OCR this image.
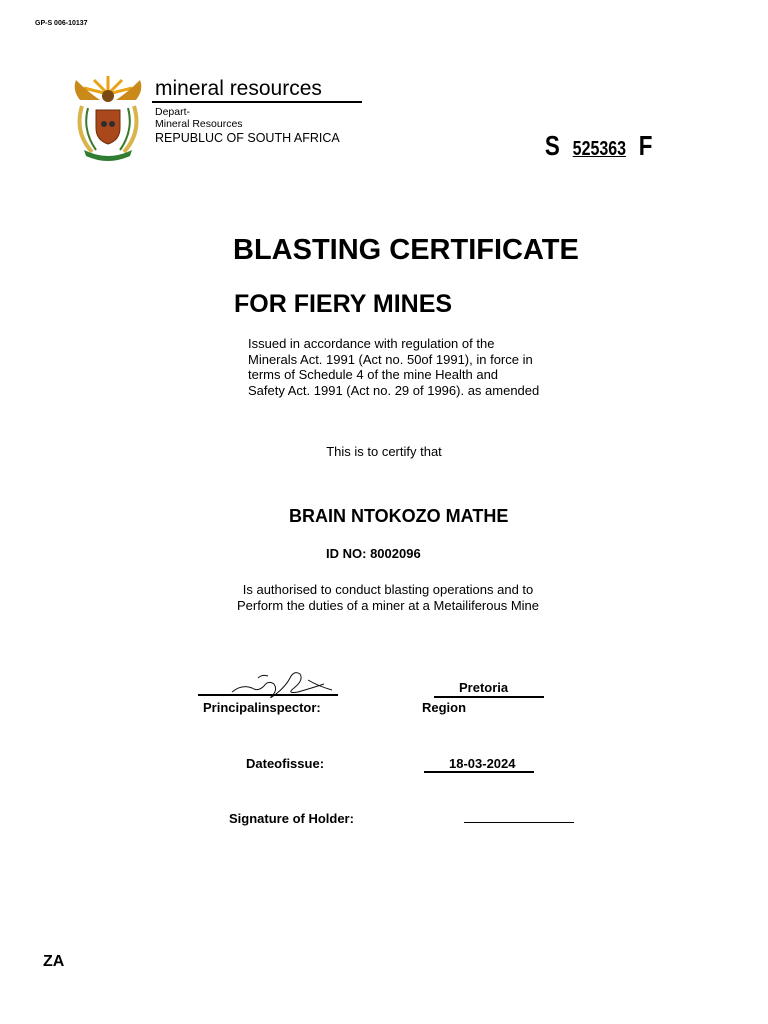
GP-S 006-10137
mineral resources
Depart-
Mineral Resources
REPUBLUC OF SOUTH AFRICA	S 525363 F
BLASTING CERTIFICATE
FOR FIERY MINES
Issued in accordance with regulation of the
Minerals Act. 1991 (Act no. 50of 1991), in force in
terms of Schedule 4 of the mine Health and
Safety Act. 1991 (Act no. 29 of 1996). as amended
This is to certify that
BRAIN NTOKOZO MATHE
ID NO: 8002096
Is authorised to conduct blasting operations and to
Perform the duties of a miner at a Metailiferous Mine
Principalinspector:
Pretoria
Region
Dateofissue:	18-03-2024
Signature of Holder:
ZA
